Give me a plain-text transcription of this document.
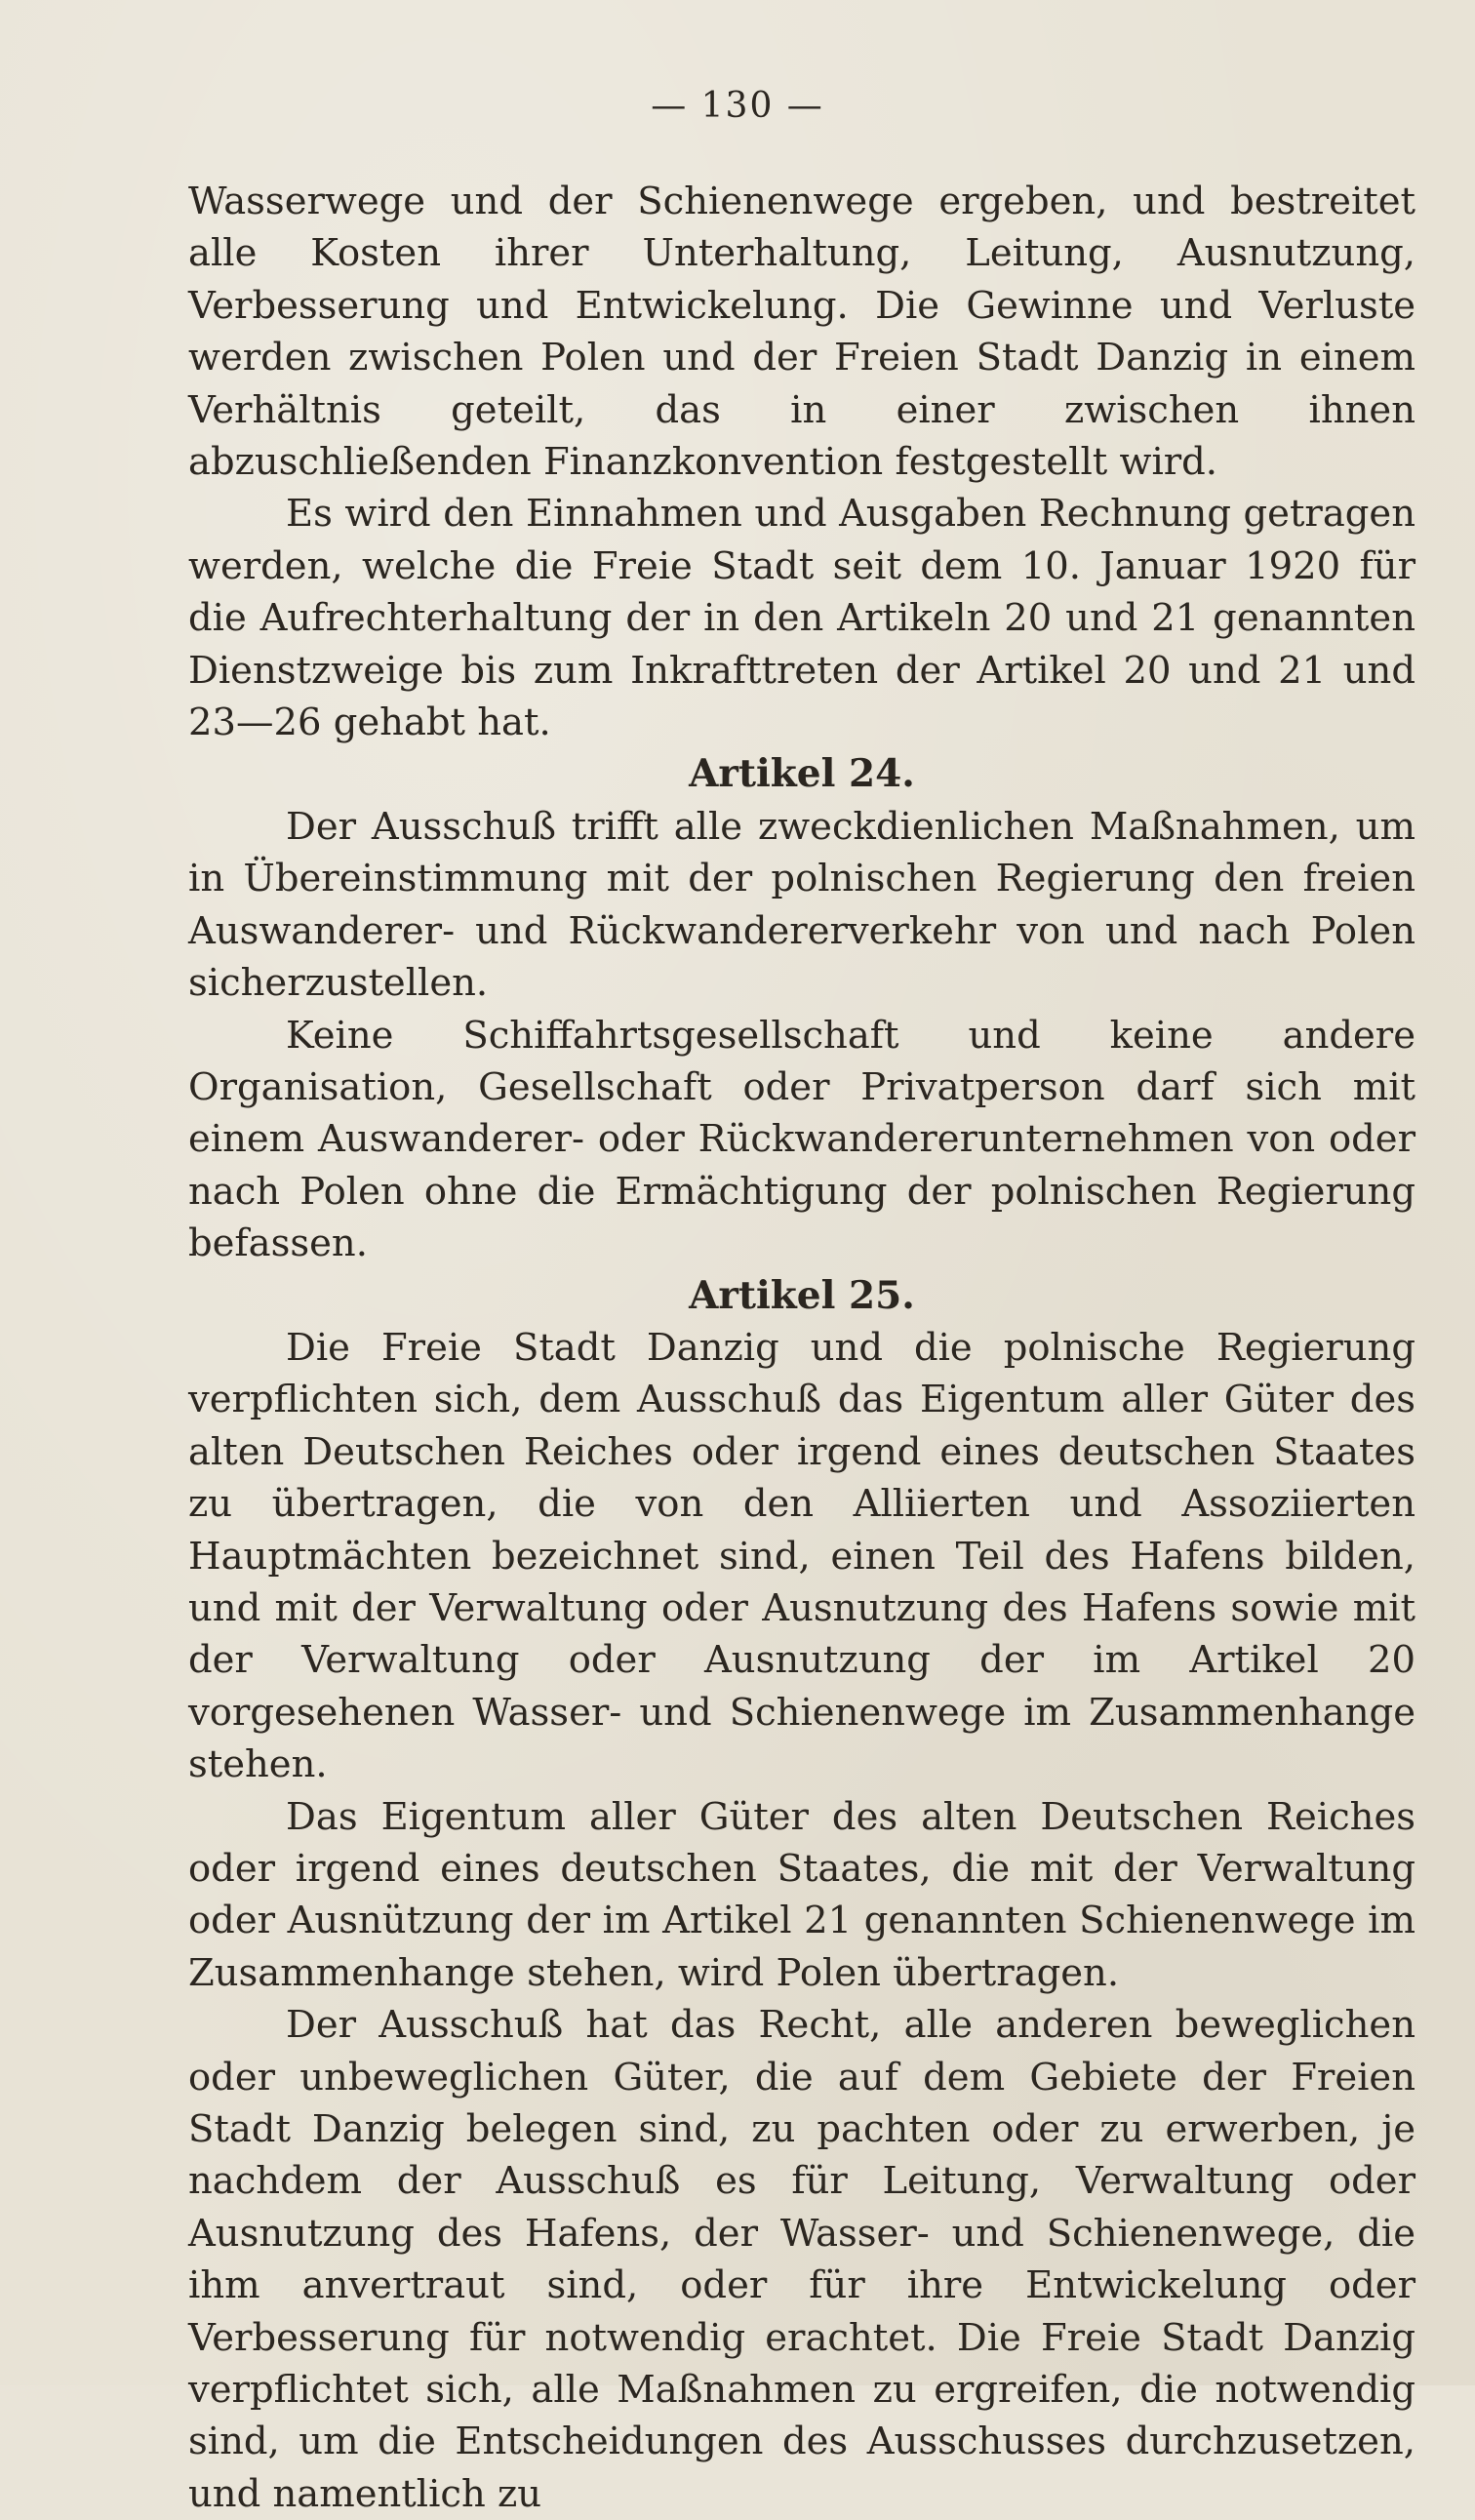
— 130 —

Wasserwege und der Schienenwege ergeben, und bestreitet alle Kosten ihrer Unterhaltung, Leitung, Ausnutzung, Verbesserung und Entwickelung. Die Gewinne und Verluste werden zwischen Polen und der Freien Stadt Danzig in einem Verhältnis geteilt, das in einer zwischen ihnen abzuschließenden Finanzkonvention festgestellt wird.

Es wird den Einnahmen und Ausgaben Rechnung getragen werden, welche die Freie Stadt seit dem 10. Januar 1920 für die Aufrechterhaltung der in den Artikeln 20 und 21 genannten Dienstzweige bis zum Inkrafttreten der Artikel 20 und 21 und 23—26 gehabt hat.

Artikel 24.

Der Ausschuß trifft alle zweckdienlichen Maßnahmen, um in Übereinstimmung mit der polnischen Regierung den freien Auswanderer- und Rückwandererverkehr von und nach Polen sicherzustellen.

Keine Schiffahrtsgesellschaft und keine andere Organisation, Gesellschaft oder Privatperson darf sich mit einem Auswanderer- oder Rückwandererunternehmen von oder nach Polen ohne die Ermächtigung der polnischen Regierung befassen.

Artikel 25.

Die Freie Stadt Danzig und die polnische Regierung verpflichten sich, dem Ausschuß das Eigentum aller Güter des alten Deutschen Reiches oder irgend eines deutschen Staates zu übertragen, die von den Alliierten und Assoziierten Hauptmächten bezeichnet sind, einen Teil des Hafens bilden, und mit der Verwaltung oder Ausnutzung des Hafens sowie mit der Verwaltung oder Ausnutzung der im Artikel 20 vorgesehenen Wasser- und Schienenwege im Zusammenhange stehen.

Das Eigentum aller Güter des alten Deutschen Reiches oder irgend eines deutschen Staates, die mit der Verwaltung oder Ausnützung der im Artikel 21 genannten Schienenwege im Zusammenhange stehen, wird Polen übertragen.

Der Ausschuß hat das Recht, alle anderen beweglichen oder unbeweglichen Güter, die auf dem Gebiete der Freien Stadt Danzig belegen sind, zu pachten oder zu erwerben, je nachdem der Ausschuß es für Leitung, Verwaltung oder Ausnutzung des Hafens, der Wasser- und Schienenwege, die ihm anvertraut sind, oder für ihre Entwickelung oder Verbesserung für notwendig erachtet. Die Freie Stadt Danzig verpflichtet sich, alle Maßnahmen zu ergreifen, die notwendig sind, um die Entscheidungen des Ausschusses durchzusetzen, und namentlich zu
